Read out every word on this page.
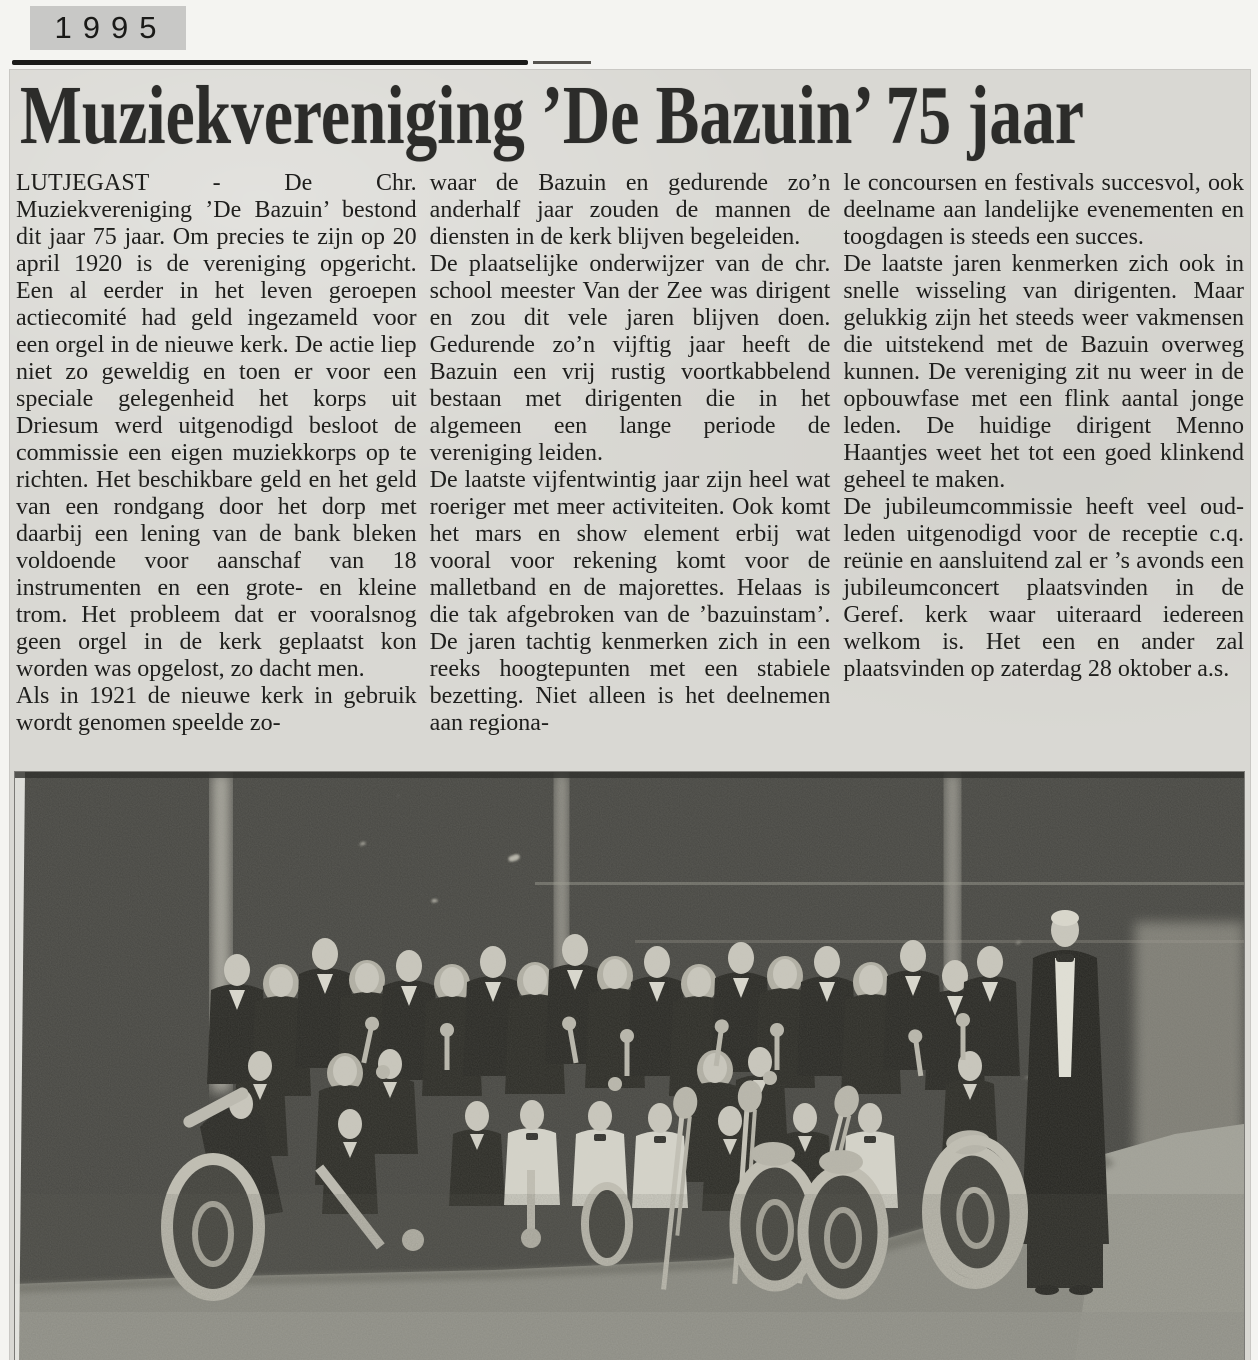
1995
Muziekvereniging ’De Bazuin’ 75 jaar

LUTJEGAST - De Chr. Muziekvereniging ’De Bazuin’ bestond dit jaar 75 jaar. Om precies te zijn op 20 april 1920 is de vereniging opgericht. Een al eerder in het leven geroepen actiecomité had geld ingezameld voor een orgel in de nieuwe kerk. De actie liep niet zo geweldig en toen er voor een speciale gelegenheid het korps uit Driesum werd uitgenodigd besloot de commissie een eigen muziekkorps op te richten. Het beschikbare geld en het geld van een rondgang door het dorp met daarbij een lening van de bank bleken voldoende voor aanschaf van 18 instrumenten en een grote- en kleine trom. Het probleem dat er vooralsnog geen orgel in de kerk geplaatst kon worden was opgelost, zo dacht men.

Als in 1921 de nieuwe kerk in gebruik wordt genomen speelde zo-

waar de Bazuin en gedurende zo’n anderhalf jaar zouden de mannen de diensten in de kerk blijven begeleiden.

De plaatselijke onderwijzer van de chr. school meester Van der Zee was dirigent en zou dit vele jaren blijven doen. Gedurende zo’n vijftig jaar heeft de Bazuin een vrij rustig voortkabbelend bestaan met dirigenten die in het algemeen een lange periode de vereniging leiden.

De laatste vijfentwintig jaar zijn heel wat roeriger met meer activiteiten. Ook komt het mars en show element erbij wat vooral voor rekening komt voor de malletband en de majorettes. Helaas is die tak afgebroken van de ’bazuinstam’. De jaren tachtig kenmerken zich in een reeks hoogtepunten met een stabiele bezetting. Niet alleen is het deelnemen aan regiona-

le concoursen en festivals succesvol, ook deelname aan landelijke evenementen en toogdagen is steeds een succes.

De laatste jaren kenmerken zich ook in snelle wisseling van dirigenten. Maar gelukkig zijn het steeds weer vakmensen die uitstekend met de Bazuin overweg kunnen. De vereniging zit nu weer in de opbouwfase met een flink aantal jonge leden. De huidige dirigent Menno Haantjes weet het tot een goed klinkend geheel te maken.

De jubileumcommissie heeft veel oud-leden uitgenodigd voor de receptie c.q. reünie en aansluitend zal er ’s avonds een jubileumconcert plaatsvinden in de Geref. kerk waar uiteraard iedereen welkom is. Het een en ander zal plaatsvinden op zaterdag 28 oktober a.s.
